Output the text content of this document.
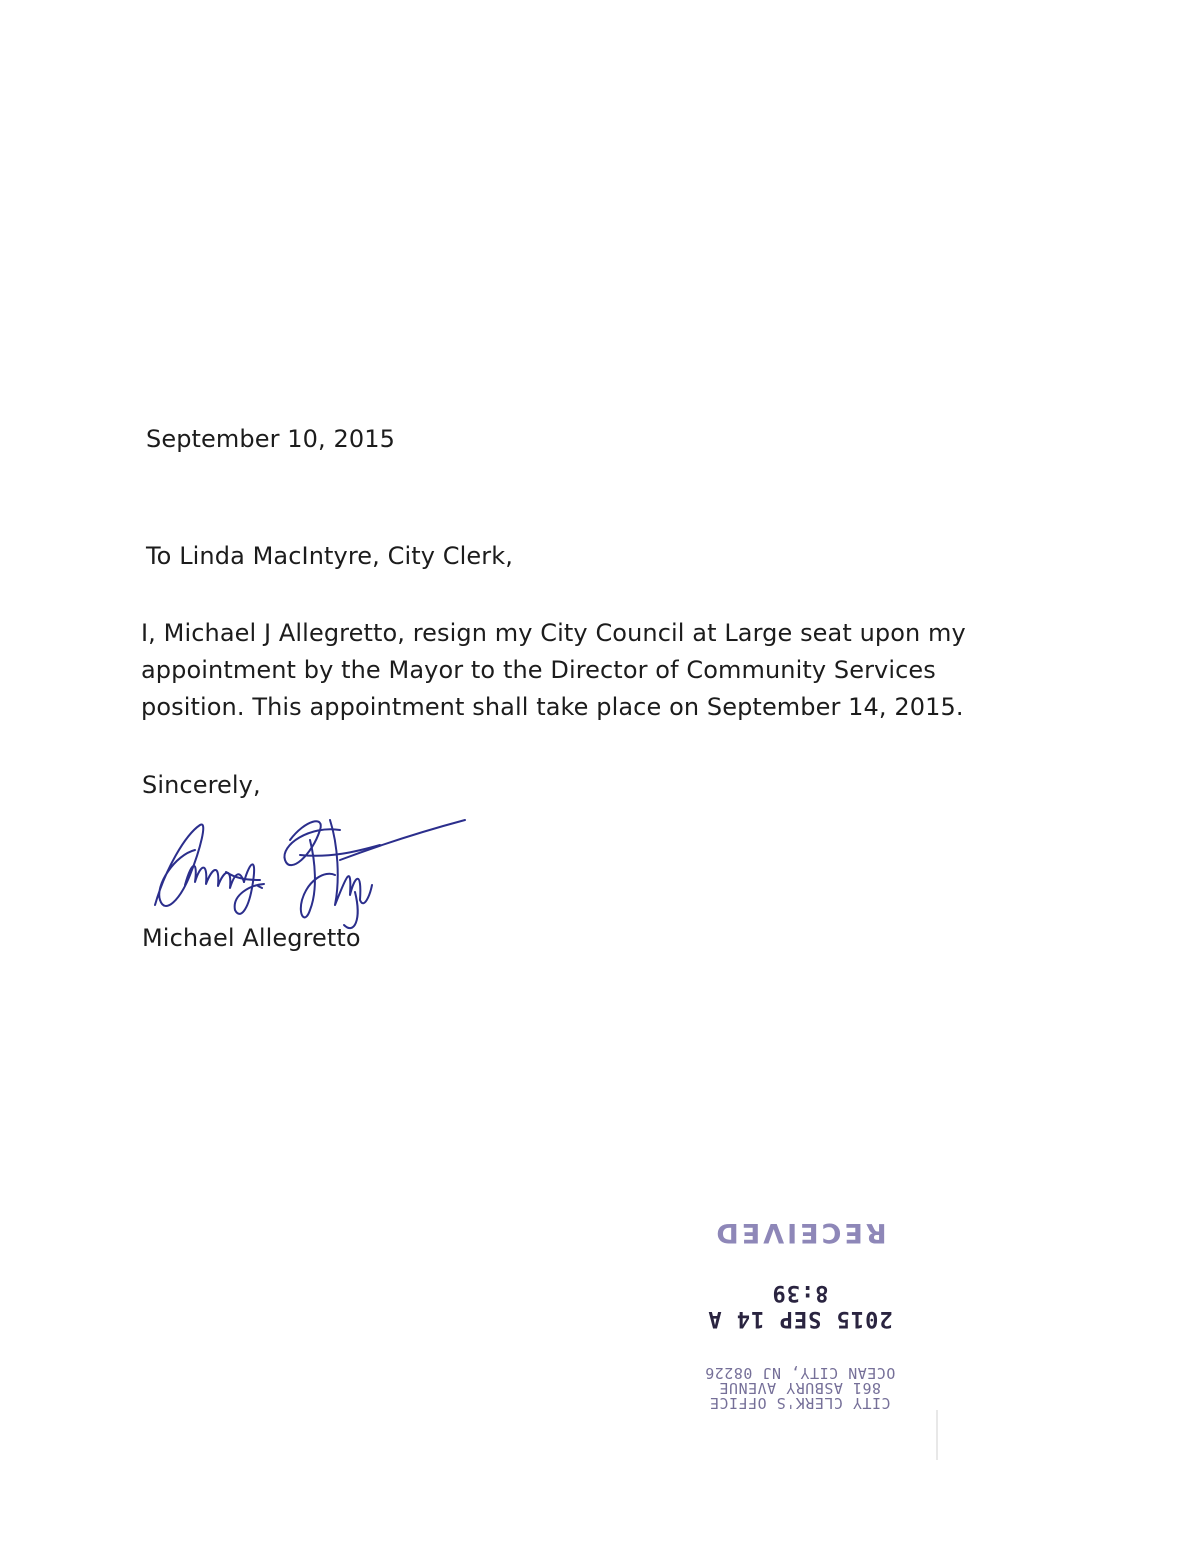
September 10, 2015
To Linda MacIntyre, City Clerk,
I, Michael J Allegretto, resign my City Council at Large seat upon my
appointment by the Mayor to the Director of Community Services
position. This appointment shall take place on September 14, 2015.
Sincerely,
Michael Allegretto
CITY CLERK'S OFFICE
861 ASBURY AVENUE
OCEAN CITY, NJ 08226
2015 SEP 14 A 8:39
RECEIVED
